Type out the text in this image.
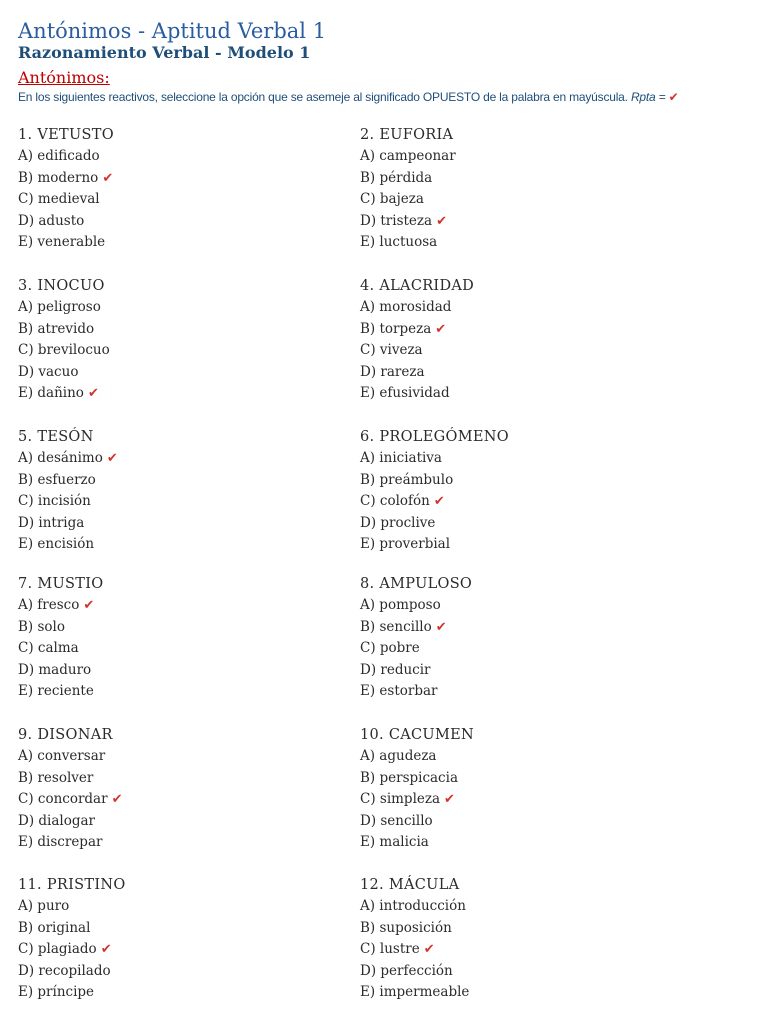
Antónimos - Aptitud Verbal 1
Razonamiento Verbal - Modelo 1
Antónimos:
En los siguientes reactivos, seleccione la opción que se asemeje al significado OPUESTO de la palabra en mayúscula. Rpta = ✔
1. VETUSTO
A) edificado
B) moderno ✔
C) medieval
D) adusto
E) venerable
2. EUFORIA
A) campeonar
B) pérdida
C) bajeza
D) tristeza ✔
E) luctuosa
3. INOCUO
A) peligroso
B) atrevido
C) brevilocuo
D) vacuo
E) dañino ✔
4. ALACRIDAD
A) morosidad
B) torpeza ✔
C) viveza
D) rareza
E) efusividad
5. TESÓN
A) desánimo ✔
B) esfuerzo
C) incisión
D) intriga
E) encisión
6. PROLEGÓMENO
A) iniciativa
B) preámbulo
C) colofón ✔
D) proclive
E) proverbial
7. MUSTIO
A) fresco ✔
B) solo
C) calma
D) maduro
E) reciente
8. AMPULOSO
A) pomposo
B) sencillo ✔
C) pobre
D) reducir
E) estorbar
9. DISONAR
A) conversar
B) resolver
C) concordar ✔
D) dialogar
E) discrepar
10. CACUMEN
A) agudeza
B) perspicacia
C) simpleza ✔
D) sencillo
E) malicia
11. PRISTINO
A) puro
B) original
C) plagiado ✔
D) recopilado
E) príncipe
12. MÁCULA
A) introducción
B) suposición
C) lustre ✔
D) perfección
E) impermeable
